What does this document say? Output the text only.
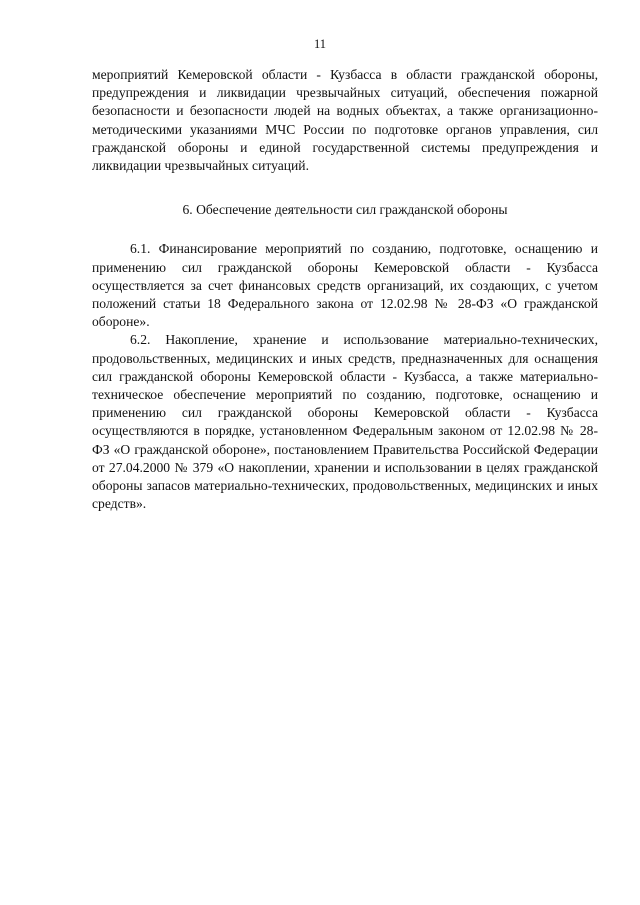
11

мероприятий Кемеровской области - Кузбасса в области гражданской обороны, предупреждения и ликвидации чрезвычайных ситуаций, обеспечения пожарной безопасности и безопасности людей на водных объектах, а также организационно-методическими указаниями МЧС России по подготовке органов управления, сил гражданской обороны и единой государственной системы предупреждения и ликвидации чрезвычайных ситуаций.

6. Обеспечение деятельности сил гражданской обороны

6.1. Финансирование мероприятий по созданию, подготовке, оснащению и применению сил гражданской обороны Кемеровской области - Кузбасса осуществляется за счет финансовых средств организаций, их создающих, с учетом положений статьи 18 Федерального закона от 12.02.98 № 28-ФЗ «О гражданской обороне».

6.2. Накопление, хранение и использование материально-технических, продовольственных, медицинских и иных средств, предназначенных для оснащения сил гражданской обороны Кемеровской области - Кузбасса, а также материально-техническое обеспечение мероприятий по созданию, подготовке, оснащению и применению сил гражданской обороны Кемеровской области - Кузбасса осуществляются в порядке, установленном Федеральным законом от 12.02.98 № 28-ФЗ «О гражданской обороне», постановлением Правительства Российской Федерации от 27.04.2000 № 379 «О накоплении, хранении и использовании в целях гражданской обороны запасов материально-технических, продовольственных, медицинских и иных средств».
